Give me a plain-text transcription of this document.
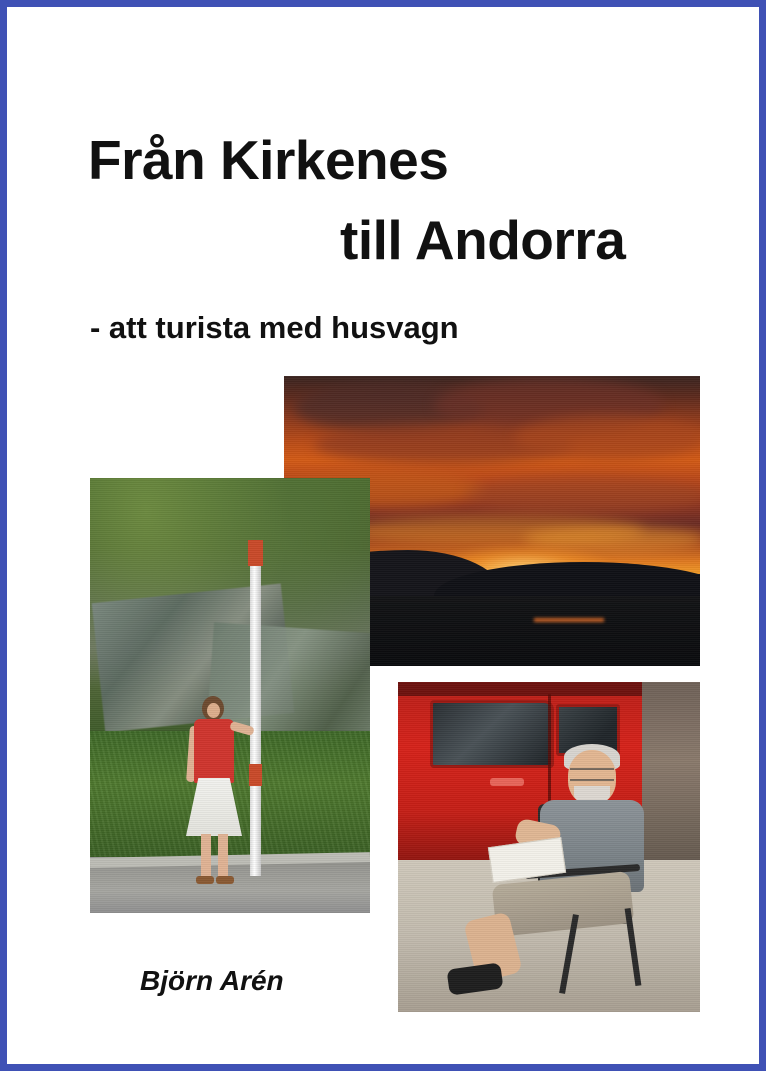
Från Kirkenes
till Andorra
- att turista med husvagn
Björn Arén
